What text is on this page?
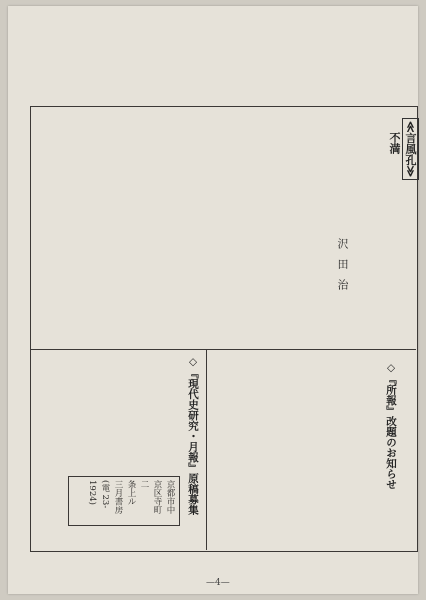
≪言風孔≫
不満
沢 田 治
◇『所報』改題のお知らせ
◇『現代史研究・月報』原稿募集
京都市中京区寺町二
条上ル
三月書房
(電 23-1924)
—4—
